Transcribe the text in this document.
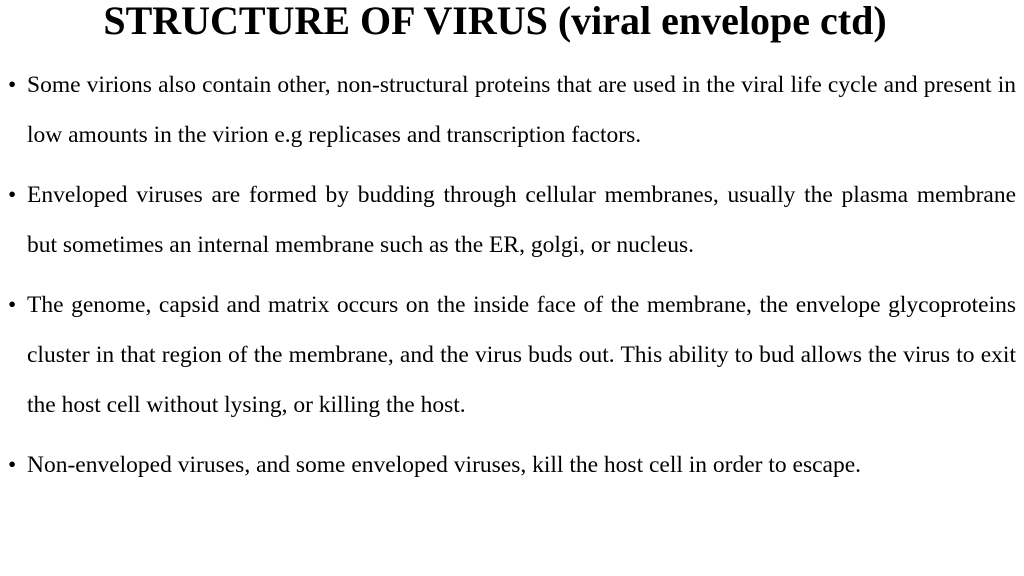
STRUCTURE OF VIRUS (viral envelope ctd)
• Some virions also contain other, non-structural proteins that are used in the viral life cycle and present in low amounts in the virion e.g replicases and transcription factors.
• Enveloped viruses are formed by budding through cellular membranes, usually the plasma membrane but sometimes an internal membrane such as the ER, golgi, or nucleus.
• The genome, capsid and matrix occurs on the inside face of the membrane, the envelope glycoproteins cluster in that region of the membrane, and the virus buds out. This ability to bud allows the virus to exit the host cell without lysing, or killing the host.
• Non-enveloped viruses, and some enveloped viruses, kill the host cell in order to escape.
